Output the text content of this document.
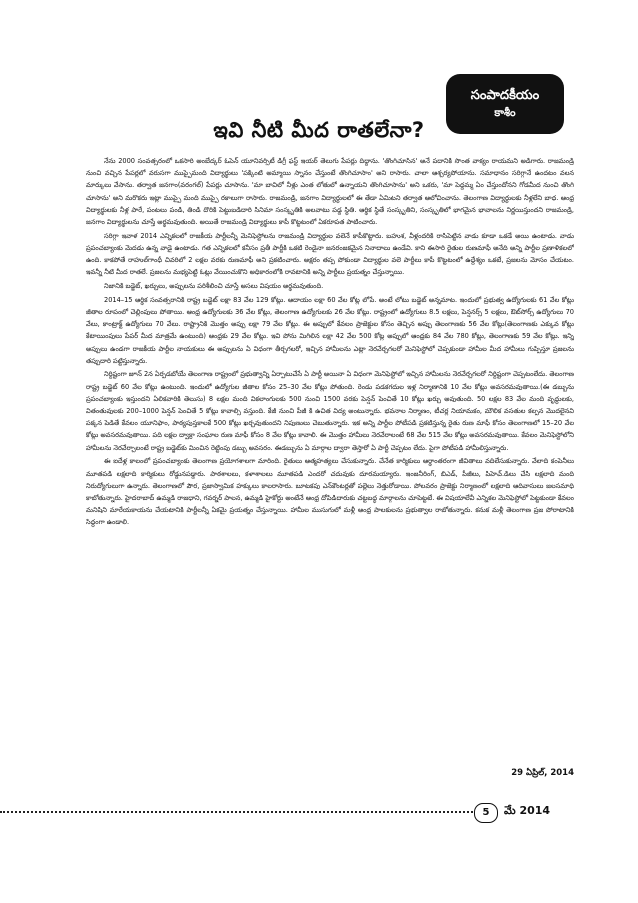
సంపాదకీయం
కాశీం
ఇవి నీటి మీద రాతలేనా?

నేను 2000 సంవత్సరంలో ఒకసారి అంబేద్కర్ ఓపెన్ యూనివర్సిటీ డిగ్రీ ఫస్ట్ ఇయర్ తెలుగు పేపర్లు దిద్దాను. 'తొంగిచూసిన' అనే పదానికి సొంత వాక్యం రాయమని అడిగారు. రాజమండ్రి నుంచి వచ్చిన పేపర్లలో వరుసగా ముప్పైమంది విద్యార్థులు 'పక్కింటి అమ్మాయి స్నానం చేస్తుంటే తొంగిచూసాం' అని రాసారు. చాలా ఆశ్చర్యపోయాను. సమాధానం సరిగ్గానే ఉందటం వలన మార్కులు వేసాను. తర్వాత జనగాం(వరంగల్) పేపర్లు చూసాను. 'మా బావిలో నీళ్లు ఎంత లోతులో ఉన్నాయని తొంగిచూసాను' అని ఒకరు, 'మా పెద్దమ్మ ఏం చేస్తుందోనని గోడమీద నుంచి తొంగి చూసాను' అని మరొకరు ఇట్లా ముప్పై మంది ముప్పై రకాలుగా రాసారు. రాజమండ్రి, జనగాం విద్యార్థులలో ఈ తేడా ఏమిటని తర్వాత ఆలోచించాను. తెలంగాణ విద్యార్థులకు నీళ్లలేని బాధ. ఆంధ్ర విద్యార్థులకు నీళ్ల పారే, పంటలు పండి, తిండి దొరికి పెట్టుబడిదారి సినిమా సంస్కృతికి అలవాటు పడ్డ స్థితి. ఆర్థిక స్థితే సంస్కృతిని, సంస్కృతిలో భాగమైన భావాలను నిర్ణయిస్తుందని రాజమండ్రి, జనగాం విద్యార్థులను చూస్తే అర్థమవుతుంది. అయితే రాజమండ్రి విద్యార్థులు కాపీ కొట్టటంలో ఏకరూపత పాటించారు.

సరిగ్గా ఇవాళ 2014 ఎన్నికలలో రాజకీయ పార్టీలన్నీ మెనిఫెస్టోలను రాజమండ్రి విద్యార్థుల వలెనే కాపీకొట్టారు. బహుశ, వీళ్లందరికి రాసిపెట్టిన వాడు కూడా ఒకడే అయి ఉంటాడు. వాడు ప్రపంచబ్యాంకు మెదడు ఉన్న వాడై ఉంటాడు. గత ఎన్నికలలో కనీసం ప్రతీ పార్టీకి ఒకటి రెండైనా జనరంజకమైన నినాదాలు ఉండేవి. కాని ఈసారి రైతుల రుణమాఫీ అనేది అన్ని పార్టీల ప్రణాళికలలో ఉంది. కాకపోతే రాహుల్‌గాంధీ చివరిలో 2 లక్షల వరకు రుణమాఫీ అని ప్రకటించారు. అక్షరం తప్ప పోకుండా విద్యార్థుల వలె పార్టీలు కాపీ కొట్టటంలో ఉద్దేశ్యం ఒకటే, ప్రజలను మోసం చేయటం. ఇవన్నీ నీటి మీద రాతలే. ప్రజలను మభ్యపెట్టి ఓట్లు వేయించుకొని అధికారంలోకి రావటానికి అన్ని పార్టీలు ప్రయత్నం చేస్తున్నాయి.

నిజానికి బడ్జెట్, ఖర్చులు, అప్పులను పరిశీలించి చూస్తే అసలు విషయం అర్థమవుతుంది.

2014–15 ఆర్థిక సంవత్సరానికి రాష్ట్ర బడ్జెట్ లక్షా 83 వేల 129 కోట్లు. ఆదాయం లక్షా 60 వేల కోట్ల లోపే. అంటే లోటు బడ్జెట్ అన్నమాట. ఇందులో ప్రభుత్వ ఉద్యోగులకు 61 వేల కోట్లు జీతాల రూపంలో చెల్లింపులు పోతాయి. ఆంధ్ర ఉద్యోగులకు 36 వేల కోట్లు, తెలంగాణ ఉద్యోగులకు 26 వేల కోట్లు. రాష్ట్రంలో ఉద్యోగులు 8.5 లక్షలు, పెన్షనర్స్ 5 లక్షలు, ఔట్‌సోర్స్ ఉద్యోగులు 70 వేలు, కాంట్రాక్ట్ ఉద్యోగులు 70 వేలు. రాష్ట్రానికి మొత్తం అప్పు లక్షా 79 వేల కోట్లు. ఈ అప్పులో కేవలం ప్రాజెక్టుల కోసం తెచ్చిన అప్పు తెలంగాణకు 56 వేల కోట్లు(తెలంగాణకు ఎక్కువ కోట్లు కేటాయింపులు పేపర్ మీద మాత్రమే ఉంటుంది) ఆంధ్రకు 29 వేల కోట్లు. ఇవి పోను మిగిలిన లక్షా 42 వేల 500 కోట్ల అప్పులో ఆంధ్రకు 84 వేల 780 కోట్లు, తెలంగాణకు 59 వేల కోట్లు. ఇన్ని అప్పులు ఉండగా రాజకీయ పార్టీల నాయకులు ఈ అప్పులను ఏ విధంగా తీర్చగలరో, ఇచ్చిన హామీలను ఎట్లా నెరవేర్చగలరో మెనిఫెస్టోలో చెప్పకుండా హామీల మీద హామీలు గుప్పిస్తూ ప్రజలను తప్పుదారి పట్టిస్తున్నారు.

నిర్దిష్టంగా జూన్ 2న ఏర్పడబోయే తెలంగాణ రాష్ట్రంలో ప్రభుత్వాన్ని ఏర్పాటుచేసే ఏ పార్టీ అయినా ఏ విధంగా మెనిఫెస్టోలో ఇచ్చిన హామీలను నెరవేర్చగలరో నిర్దిష్టంగా చెప్పటంలేదు. తెలంగాణ రాష్ట్ర బడ్జెట్ 60 వేల కోట్లు ఉంటుంది. ఇందులో ఉద్యోగుల జీతాల కోసం 25–30 వేల కోట్లు పోతుంది. రెండు పడకగదుల ఇళ్ల నిర్మాణానికి 10 వేల కోట్లు అవసరమవుతాయి.(ఈ డబ్బును ప్రపంచబ్యాంకు ఇస్తుందని ఏలికవారికి తెలుసు) 8 లక్షల మంది వికలాంగులకు 500 నుంచి 1500 వరకు పెన్షన్ పెంచితే 10 కోట్లు ఖర్చు అవుతుంది. 50 లక్షల 83 వేల మంది వృద్ధులకు, వితంతువులకు 200–1000 పెన్షన్ పెంచితే 5 కోట్లు కావాల్సి వస్తుంది. కేజీ నుంచి పీజీ కి ఉచిత విద్య అంటున్నారు. భవనాల నిర్మాణం, టీచర్ల నియామకం, మౌలిక వసతుల కల్పన మొదలైనవి పక్కన పెడితే కేవలం యూనిఫాం, పాఠ్యపుస్తకాలకే 500 కోట్లు ఖర్చవుతుందని నిపుణులు చెబుతున్నారు. ఇక అన్ని పార్టీల పోటీపడి ప్రకటిస్తున్న రైతు రుణ మాఫీ కోసం తెలంగాణలో 15–20 వేల కోట్లు అవసరమవుతాయి. పది లక్షల ద్వాక్రా సంఘాల రుణ మాఫీ కోసం 8 వేల కోట్లు కావాలి. ఈ మొత్తం హామీలు నెరవేరాలంటే 68 వేల 515 వేల కోట్లు అవసరమవుతాయి. కేవలం మెనిఫెస్టోలోని హామీలను నెరవేర్చాలంటే రాష్ట్ర బడ్జెట్‌కు మించిన రెట్టింపు డబ్బు అవసరం. ఈడబ్బును ఏ మార్గాల ద్వారా తెస్తారో ఏ పార్టీ చెప్పటం లేదు. పైగా పోటీపడి హామీలిస్తున్నారు.

ఈ ఐదేళ్ల కాలంలో ప్రపంచబ్యాంకు తెలంగాణ ప్రయోగశాలగా మారింది. రైతులు ఆత్మహత్యలు చేసుకున్నారు. చేనేత కార్మికులు ఆర్థాంతరంగా జీవితాలు వదిలేసుకున్నారు. వేలాది కంపెనీలు మూతపడి లక్షలాది కార్మికులు రోడ్డునపడ్డారు. పాఠశాలలు, కళాశాలలు మూతపడి ఎందరో చదువుకు దూరమయ్యారు. ఇంజనీరింగ్, బిఎడ్, పీజీలు, పిహెచ్.డిలు చేసి లక్షలాది మంది నిరుద్యోగులుగా ఉన్నారు. తెలంగాణలో పౌర, ప్రజాస్వామిక హక్కులు కాలరాసారు. బూటకపు ఎన్‌కౌంటర్లతో పల్లెలు నెత్తురోడాయి. పోలవరం ప్రాజెక్టు నిర్మాణంలో లక్షలాది ఆదివాసులు జలసమాధి కాబోతున్నారు. హైదరాబాద్ ఉమ్మడి రాజధాని, గవర్నర్ పాలన, ఉమ్మడి హైకోర్టు అంటేనే ఆంధ్ర దోపిడిదారుకు చట్టబద్ధ మార్గాలను చూపెట్టటే. ఈ విషయాలేవీ ఎన్నికల మెనిఫెస్టోలో పెట్టకుండా కేవలం మనిషిని మారేయకాయను చేయటానికి పార్టీలన్నీ ఏకమై ప్రయత్నం చేస్తున్నాయి. హామీల ముసుగులో మళ్లీ ఆంధ్ర పాలకులను ప్రభుత్వాల రాబోతున్నారు. కనుక మళ్లీ తెలంగాణ ప్రజ పోరాటానికి సిద్ధంగా ఉండాలి.

29 ఏప్రిల్, 2014
5	మే 2014
